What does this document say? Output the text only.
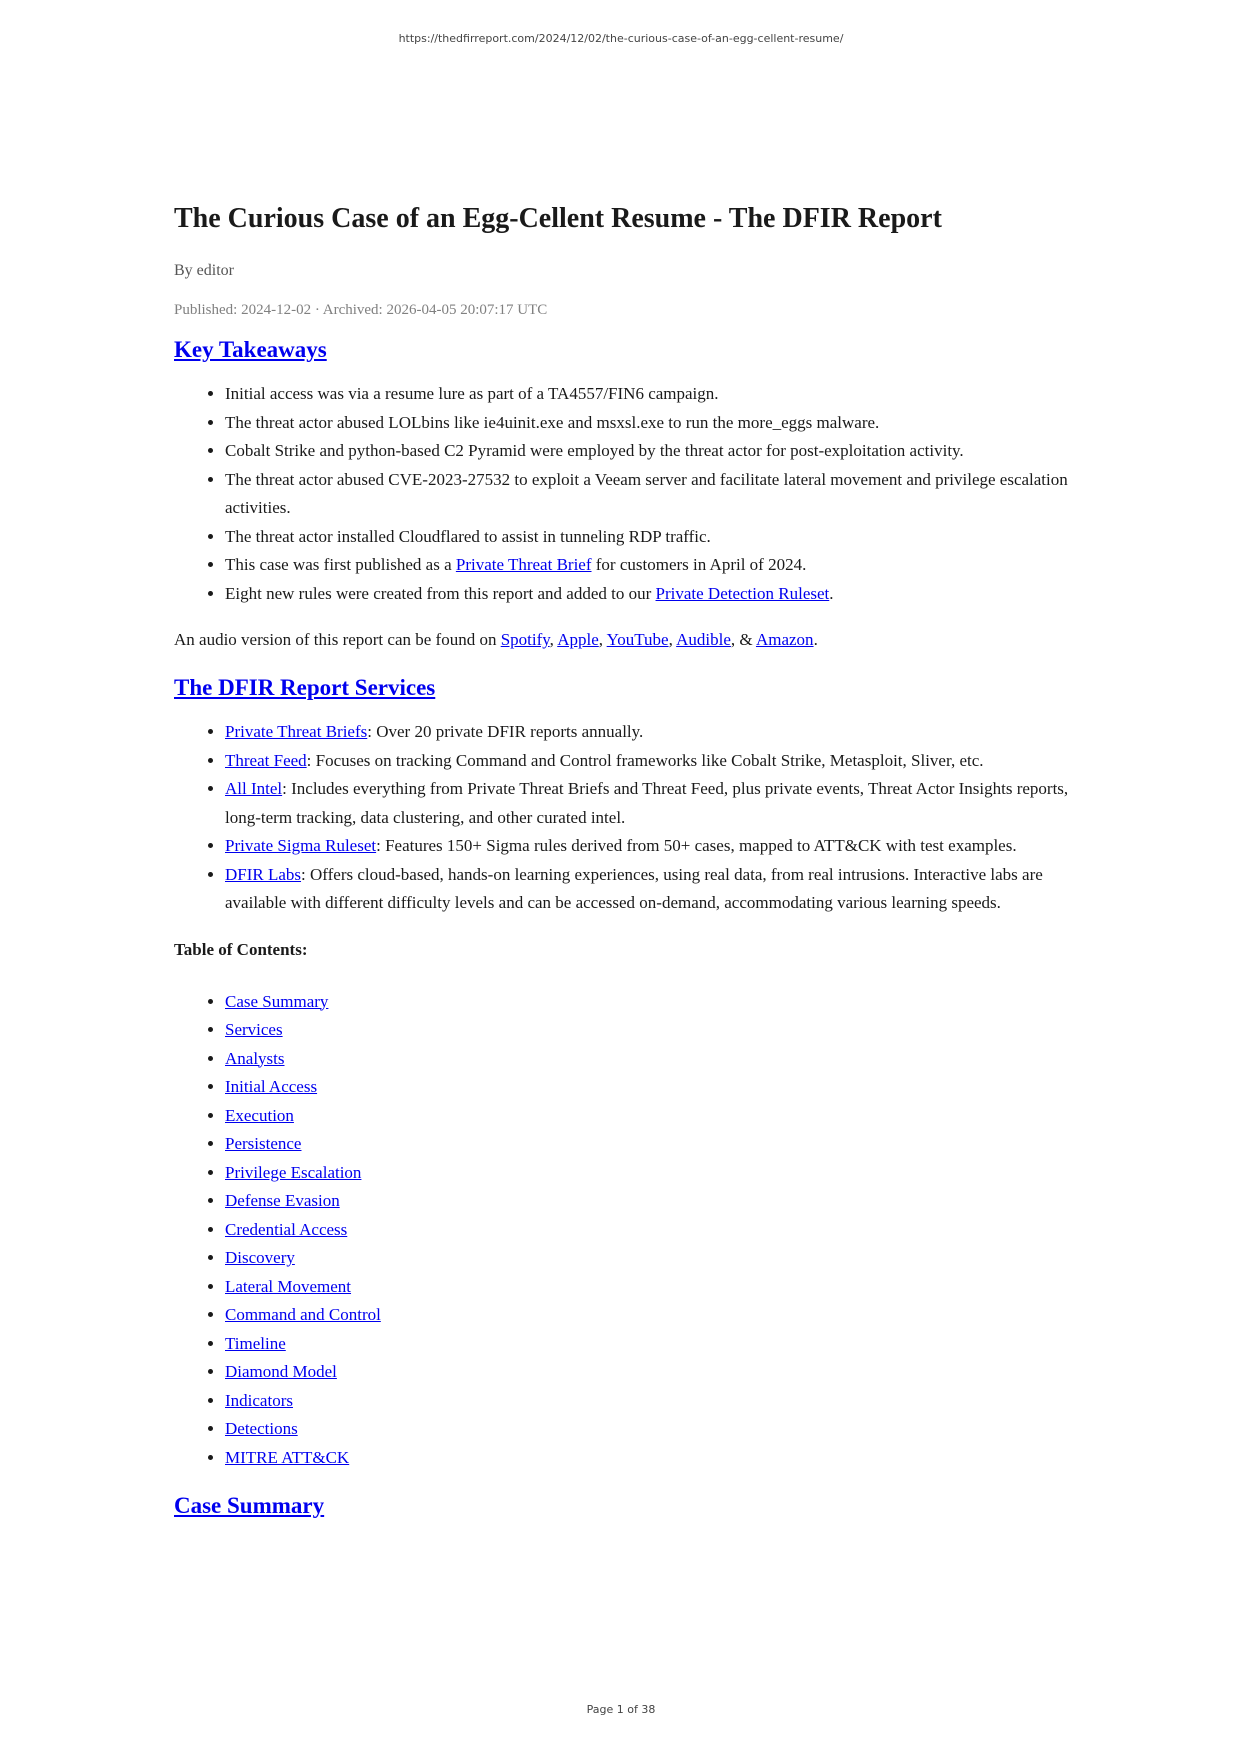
https://thedfirreport.com/2024/12/02/the-curious-case-of-an-egg-cellent-resume/
The Curious Case of an Egg-Cellent Resume - The DFIR Report
By editor
Published: 2024-12-02 · Archived: 2026-04-05 20:07:17 UTC
Key Takeaways
• Initial access was via a resume lure as part of a TA4557/FIN6 campaign.
• The threat actor abused LOLbins like ie4uinit.exe and msxsl.exe to run the more_eggs malware.
• Cobalt Strike and python-based C2 Pyramid were employed by the threat actor for post-exploitation activity.
• The threat actor abused CVE-2023-27532 to exploit a Veeam server and facilitate lateral movement and privilege escalation activities.
• The threat actor installed Cloudflared to assist in tunneling RDP traffic.
• This case was first published as a Private Threat Brief for customers in April of 2024.
• Eight new rules were created from this report and added to our Private Detection Ruleset.

An audio version of this report can be found on Spotify, Apple, YouTube, Audible, & Amazon.

The DFIR Report Services
• Private Threat Briefs: Over 20 private DFIR reports annually.
• Threat Feed: Focuses on tracking Command and Control frameworks like Cobalt Strike, Metasploit, Sliver, etc.
• All Intel: Includes everything from Private Threat Briefs and Threat Feed, plus private events, Threat Actor Insights reports, long-term tracking, data clustering, and other curated intel.
• Private Sigma Ruleset: Features 150+ Sigma rules derived from 50+ cases, mapped to ATT&CK with test examples.
• DFIR Labs: Offers cloud-based, hands-on learning experiences, using real data, from real intrusions. Interactive labs are available with different difficulty levels and can be accessed on-demand, accommodating various learning speeds.

Table of Contents:

• Case Summary
• Services
• Analysts
• Initial Access
• Execution
• Persistence
• Privilege Escalation
• Defense Evasion
• Credential Access
• Discovery
• Lateral Movement
• Command and Control
• Timeline
• Diamond Model
• Indicators
• Detections
• MITRE ATT&CK
Case Summary
Page 1 of 38
